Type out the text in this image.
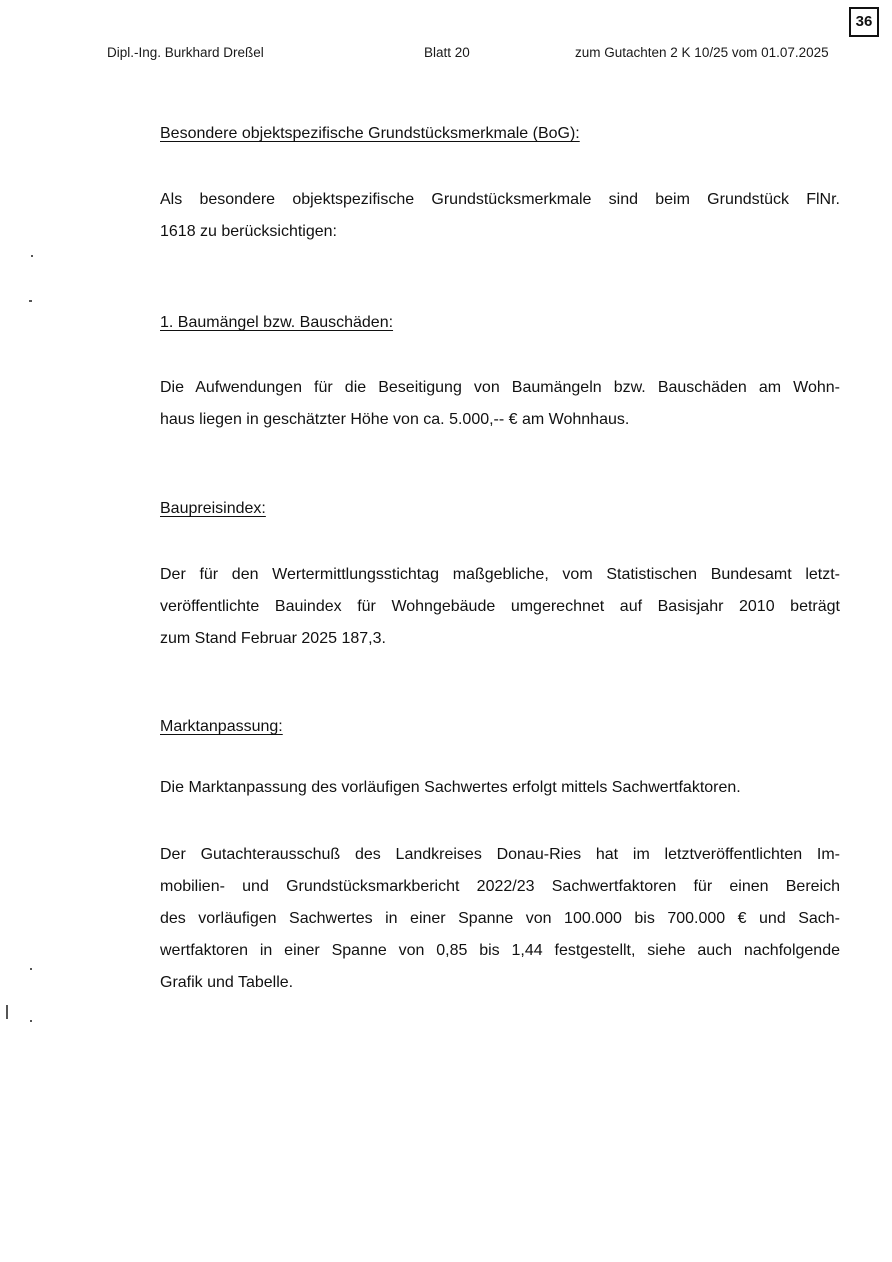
36
Dipl.-Ing. Burkhard Dreßel	Blatt 20	zum Gutachten 2 K 10/25 vom 01.07.2025
Besondere objektspezifische Grundstücksmerkmale (BoG):

Als besondere objektspezifische Grundstücksmerkmale sind beim Grundstück FlNr.
1618 zu berücksichtigen:

1. Baumängel bzw. Bauschäden:

Die Aufwendungen für die Beseitigung von Baumängeln bzw. Bauschäden am Wohn-
haus liegen in geschätzter Höhe von ca. 5.000,-- € am Wohnhaus.

Baupreisindex:

Der für den Wertermittlungsstichtag maßgebliche, vom Statistischen Bundesamt letzt-
veröffentlichte Bauindex für Wohngebäude umgerechnet auf Basisjahr 2010 beträgt
zum Stand Februar 2025 187,3.

Marktanpassung:

Die Marktanpassung des vorläufigen Sachwertes erfolgt mittels Sachwertfaktoren.

Der Gutachterausschuß des Landkreises Donau-Ries hat im letztveröffentlichten Im-
mobilien- und Grundstücksmarkbericht 2022/23 Sachwertfaktoren für einen Bereich
des vorläufigen Sachwertes in einer Spanne von 100.000 bis 700.000 € und Sach-
wertfaktoren in einer Spanne von 0,85 bis 1,44 festgestellt, siehe auch nachfolgende
Grafik und Tabelle.
